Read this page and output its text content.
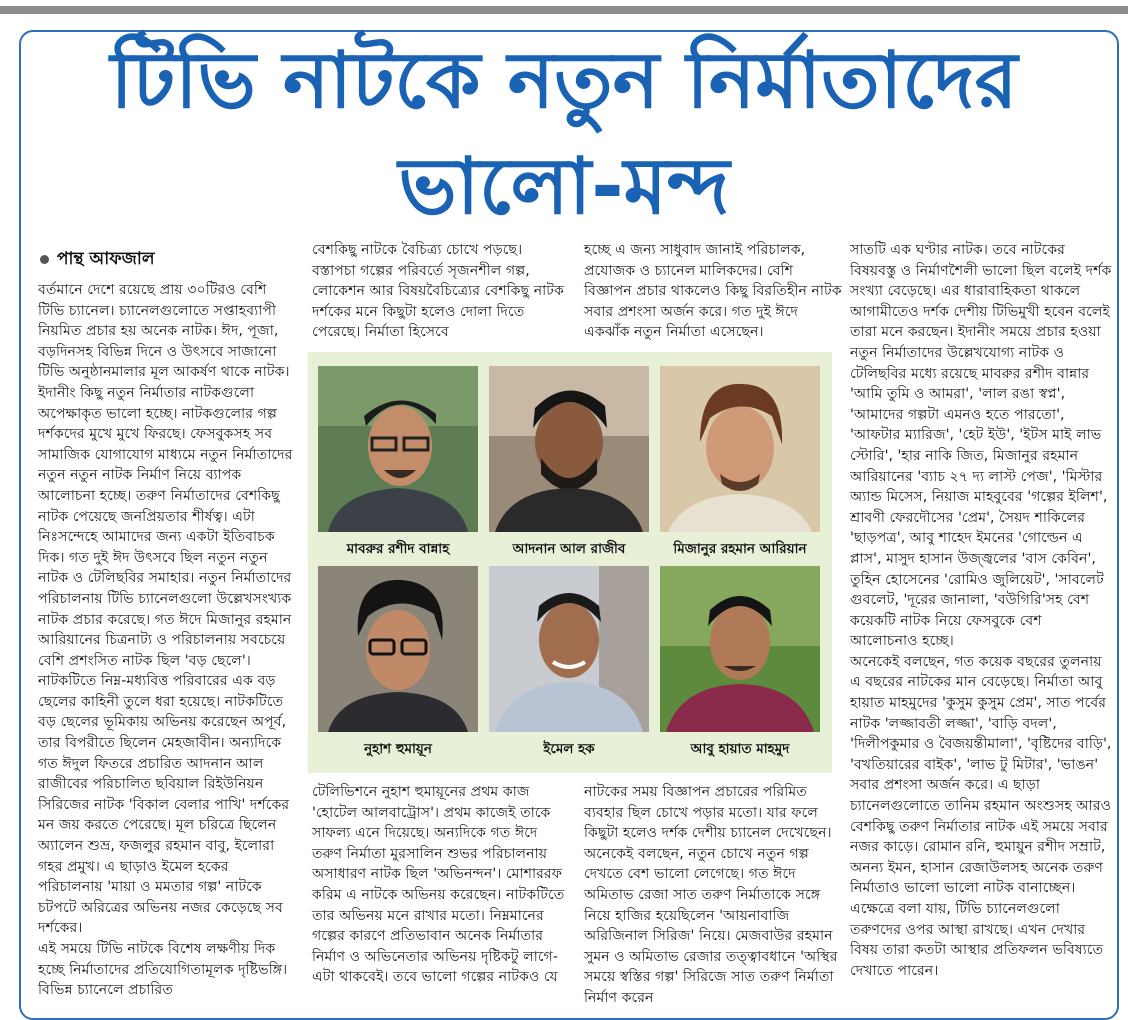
টিভি নাটকে নতুন নির্মাতাদের
ভালো-মন্দ
পান্থ আফজাল

বর্তমানে দেশে রয়েছে প্রায় ৩০টিরও বেশি টিভি চ্যানেল। চ্যানেলগুলোতে সপ্তাহব্যাপী নিয়মিত প্রচার হয় অনেক নাটক। ঈদ, পূজা, বড়দিনসহ বিভিন্ন দিনে ও উৎসবে সাজানো টিভি অনুষ্ঠানমালার মূল আকর্ষণ থাকে নাটক। ইদানীং কিছু নতুন নির্মাতার নাটকগুলো অপেক্ষাকৃত ভালো হচ্ছে। নাটকগুলোর গল্প দর্শকদের মুখে মুখে ফিরছে। ফেসবুকসহ সব সামাজিক যোগাযোগ মাধ্যমে নতুন নির্মাতাদের নতুন নতুন নাটক নির্মাণ নিয়ে ব্যাপক আলোচনা হচ্ছে। তরুণ নির্মাতাদের বেশকিছু নাটক পেয়েছে জনপ্রিয়তার শীর্ষত্ব। এটা নিঃসন্দেহে আমাদের জন্য একটা ইতিবাচক দিক। গত দুই ঈদ উৎসবে ছিল নতুন নতুন নাটক ও টেলিছবির সমাহার। নতুন নির্মাতাদের পরিচালনায় টিভি চ্যানেলগুলো উল্লেখসংখ্যক নাটক প্রচার করেছে। গত ঈদে মিজানুর রহমান আরিয়ানের চিত্রনাট্য ও পরিচালনায় সবচেয়ে বেশি প্রশংসিত নাটক ছিল 'বড় ছেলে'। নাটকটিতে নিম্ন-মধ্যবিত্ত পরিবারের এক বড় ছেলের কাহিনী তুলে ধরা হয়েছে। নাটকটিতে বড় ছেলের ভূমিকায় অভিনয় করেছেন অপূর্ব, তার বিপরীতে ছিলেন মেহজাবীন। অন্যদিকে গত ঈদুল ফিতরে প্রচারিত আদনান আল রাজীবের পরিচালিত ছবিয়াল রিইউনিয়ন সিরিজের নাটক 'বিকাল বেলার পাখি' দর্শকের মন জয় করতে পেরেছে। মূল চরিত্রে ছিলেন অ্যালেন শুভ্র, ফজলুর রহমান বাবু, ইলোরা গহর প্রমুখ। এ ছাড়াও ইমেল হকের পরিচালনায় 'মায়া ও মমতার গল্প' নাটকে চটপটে অরিত্রের অভিনয় নজর কেড়েছে সব দর্শকের।

এই সময়ে টিভি নাটকে বিশেষ লক্ষণীয় দিক হচ্ছে নির্মাতাদের প্রতিযোগিতামূলক দৃষ্টিভঙ্গি। বিভিন্ন চ্যানেলে প্রচারিত

বেশকিছু নাটকে বৈচিত্র্য চোখে পড়ছে। বস্তাপচা গল্পের পরিবর্তে সৃজনশীল গল্প, লোকেশন আর বিষয়বৈচিত্র্যের বেশকিছু নাটক দর্শকের মনে কিছুটা হলেও দোলা দিতে পেরেছে। নির্মাতা হিসেবে

হচ্ছে এ জন্য সাধুবাদ জানাই পরিচালক, প্রযোজক ও চ্যানেল মালিকদের। বেশি বিজ্ঞাপন প্রচার থাকলেও কিছু বিরতিহীন নাটক সবার প্রশংসা অর্জন করে। গত দুই ঈদে একঝাঁক নতুন নির্মাতা এসেছেন।

মাবরুর রশীদ বান্নাহ	আদনান আল রাজীব	মিজানুর রহমান আরিয়ান
নুহাশ হুমায়ূন	ইমেল হক	আবু হায়াত মাহমুদ

টেলিভিশনে নুহাশ হুমায়ূনের প্রথম কাজ 'হোটেল আলবাট্রোস'। প্রথম কাজেই তাকে সাফল্য এনে দিয়েছে। অন্যদিকে গত ঈদে তরুণ নির্মাতা মুরসালিন শুভর পরিচালনায় অসাধারণ নাটক ছিল 'অভিনন্দন'। মোশাররফ করিম এ নাটকে অভিনয় করেছেন। নাটকটিতে তার অভিনয় মনে রাখার মতো। নিম্নমানের গল্পের কারণে প্রতিভাবান অনেক নির্মাতার নির্মাণ ও অভিনেতার অভিনয় দৃষ্টিকটু লাগে-এটা থাকবেই। তবে ভালো গল্পের নাটকও যে

নাটকের সময় বিজ্ঞাপন প্রচারের পরিমিত ব্যবহার ছিল চোখে পড়ার মতো। যার ফলে কিছুটা হলেও দর্শক দেশীয় চ্যানেল দেখেছেন। অনেকেই বলছেন, নতুন চোখে নতুন গল্প দেখতে বেশ ভালো লেগেছে। গত ঈদে অমিতাভ রেজা সাত তরুণ নির্মাতাকে সঙ্গে নিয়ে হাজির হয়েছিলেন 'আয়নাবাজি অরিজিনাল সিরিজ' নিয়ে। মেজবাউর রহমান সুমন ও অমিতাভ রেজার তত্ত্বাবধানে 'অস্থির সময়ে স্বস্তির গল্প' সিরিজে সাত তরুণ নির্মাতা নির্মাণ করেন

সাতটি এক ঘণ্টার নাটক। তবে নাটকের বিষয়বস্তু ও নির্মাণশৈলী ভালো ছিল বলেই দর্শক সংখ্যা বেড়েছে। এর ধারাবাহিকতা থাকলে আগামীতেও দর্শক দেশীয় টিভিমুখী হবেন বলেই তারা মনে করছেন। ইদানীং সময়ে প্রচার হওয়া নতুন নির্মাতাদের উল্লেখযোগ্য নাটক ও টেলিছবির মধ্যে রয়েছে মাবরুর রশীদ বান্নার 'আমি তুমি ও আমরা', 'লাল রঙা স্বপ্ন', 'আমাদের গল্পটা এমনও হতে পারতো', 'আফটার ম্যারিজ', 'হেট ইউ', 'ইটস মাই লাভ স্টোরি', 'হার নাকি জিত, মিজানুর রহমান আরিয়ানের 'ব্যাচ ২৭ দ্য লাস্ট পেজ', 'মিস্টার অ্যান্ড মিসেস, নিয়াজ মাহবুবের 'গল্পের ইলিশ', শ্রাবণী ফেরদৌসের 'প্রেম', সৈয়দ শাকিলের 'ছাড়পত্র', আবু শাহেদ ইমনের 'গোল্ডেন এ প্লাস', মাসুদ হাসান উজ্জ্বলের 'বাস কেবিন', তুহিন হোসেনের 'রোমিও জুলিয়েট', 'সাবলেট গুবলেট, 'দূরের জানালা, 'বউগিরি'সহ বেশ কয়েকটি নাটক নিয়ে ফেসবুকে বেশ আলোচনাও হচ্ছে।

অনেকেই বলছেন, গত কয়েক বছরের তুলনায় এ বছরের নাটকের মান বেড়েছে। নির্মাতা আবু হায়াত মাহমুদের 'কুসুম কুসুম প্রেম', সাত পর্বের নাটক 'লজ্জাবতী লজ্জা', 'বাড়ি বদল', 'দিলীপকুমার ও বৈজয়ন্তীমালা', 'বৃষ্টিদের বাড়ি', 'বখতিয়ারের বাইক', 'লাভ টু মিটার', 'ভাঙন' সবার প্রশংসা অর্জন করে। এ ছাড়া চ্যানেলগুলোতে তানিম রহমান অংশুসহ আরও বেশকিছু তরুণ নির্মাতার নাটক এই সময়ে সবার নজর কাড়ে। রোমান রনি, হুমায়ুন রশীদ সম্রাট, অনন্য ইমন, হাসান রেজাউলসহ অনেক তরুণ নির্মাতাও ভালো ভালো নাটক বানাচ্ছেন। এক্ষেত্রে বলা যায়, টিভি চ্যানেলগুলো তরুণদের ওপর আস্থা রাখছে। এখন দেখার বিষয় তারা কতটা আস্থার প্রতিফলন ভবিষ্যতে দেখাতে পারেন।
